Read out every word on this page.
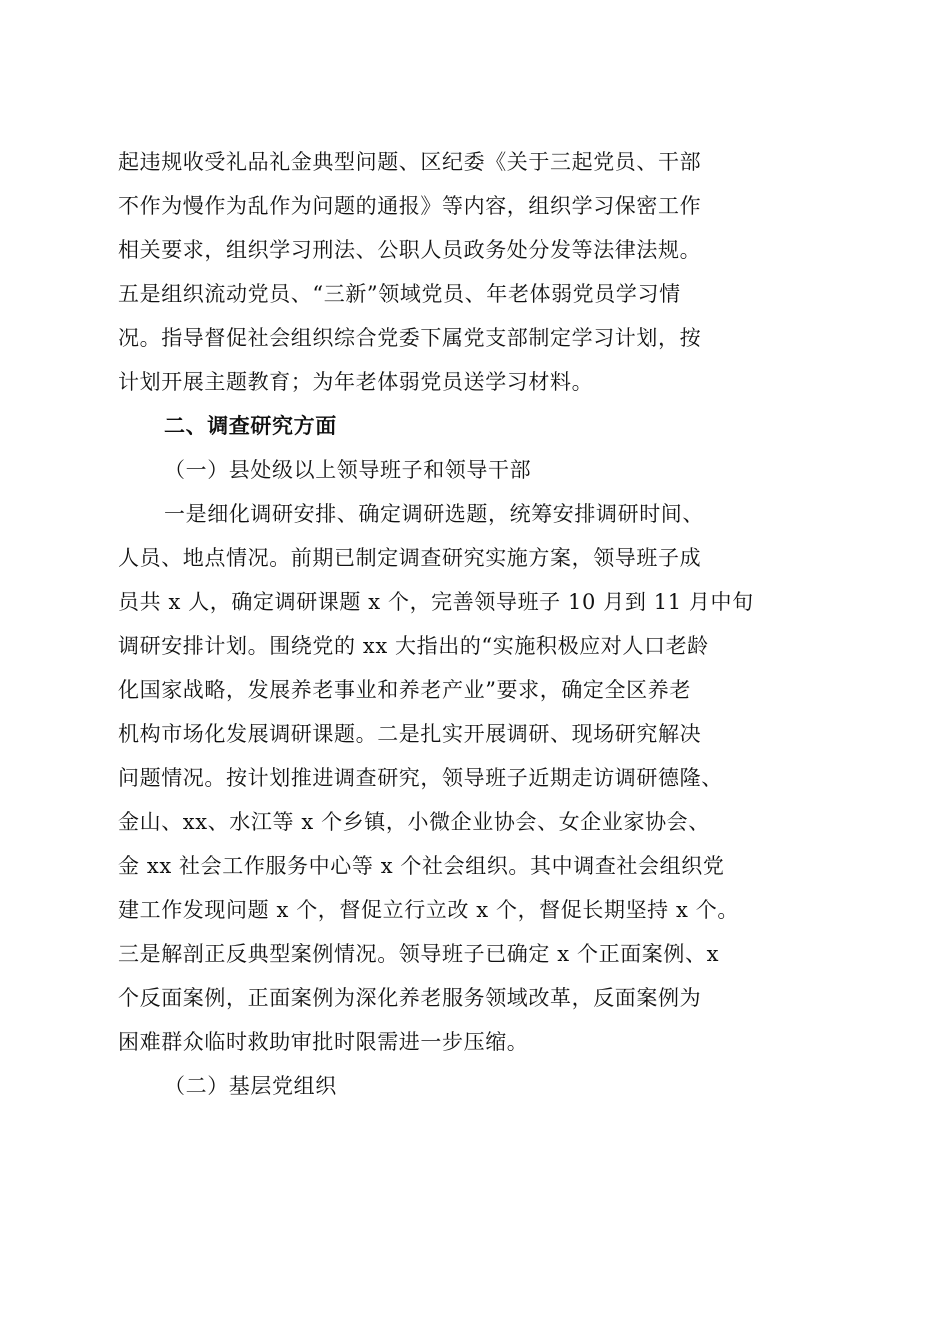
起违规收受礼品礼金典型问题、区纪委《关于三起党员、干部
不作为慢作为乱作为问题的通报》等内容，组织学习保密工作
相关要求，组织学习刑法、公职人员政务处分发等法律法规。
五是组织流动党员、“三新”领域党员、年老体弱党员学习情
况。指导督促社会组织综合党委下属党支部制定学习计划，按
计划开展主题教育；为年老体弱党员送学习材料。
二、调查研究方面
（一）县处级以上领导班子和领导干部
一是细化调研安排、确定调研选题，统筹安排调研时间、
人员、地点情况。前期已制定调查研究实施方案，领导班子成
员共 x 人，确定调研课题 x 个，完善领导班子 10 月到 11 月中旬
调研安排计划。围绕党的 xx 大指出的“实施积极应对人口老龄
化国家战略，发展养老事业和养老产业”要求，确定全区养老
机构市场化发展调研课题。二是扎实开展调研、现场研究解决
问题情况。按计划推进调查研究，领导班子近期走访调研德隆、
金山、xx、水江等 x 个乡镇，小微企业协会、女企业家协会、
金 xx 社会工作服务中心等 x 个社会组织。其中调查社会组织党
建工作发现问题 x 个，督促立行立改 x 个，督促长期坚持 x 个。
三是解剖正反典型案例情况。领导班子已确定 x 个正面案例、x
个反面案例，正面案例为深化养老服务领域改革，反面案例为
困难群众临时救助审批时限需进一步压缩。
（二）基层党组织
